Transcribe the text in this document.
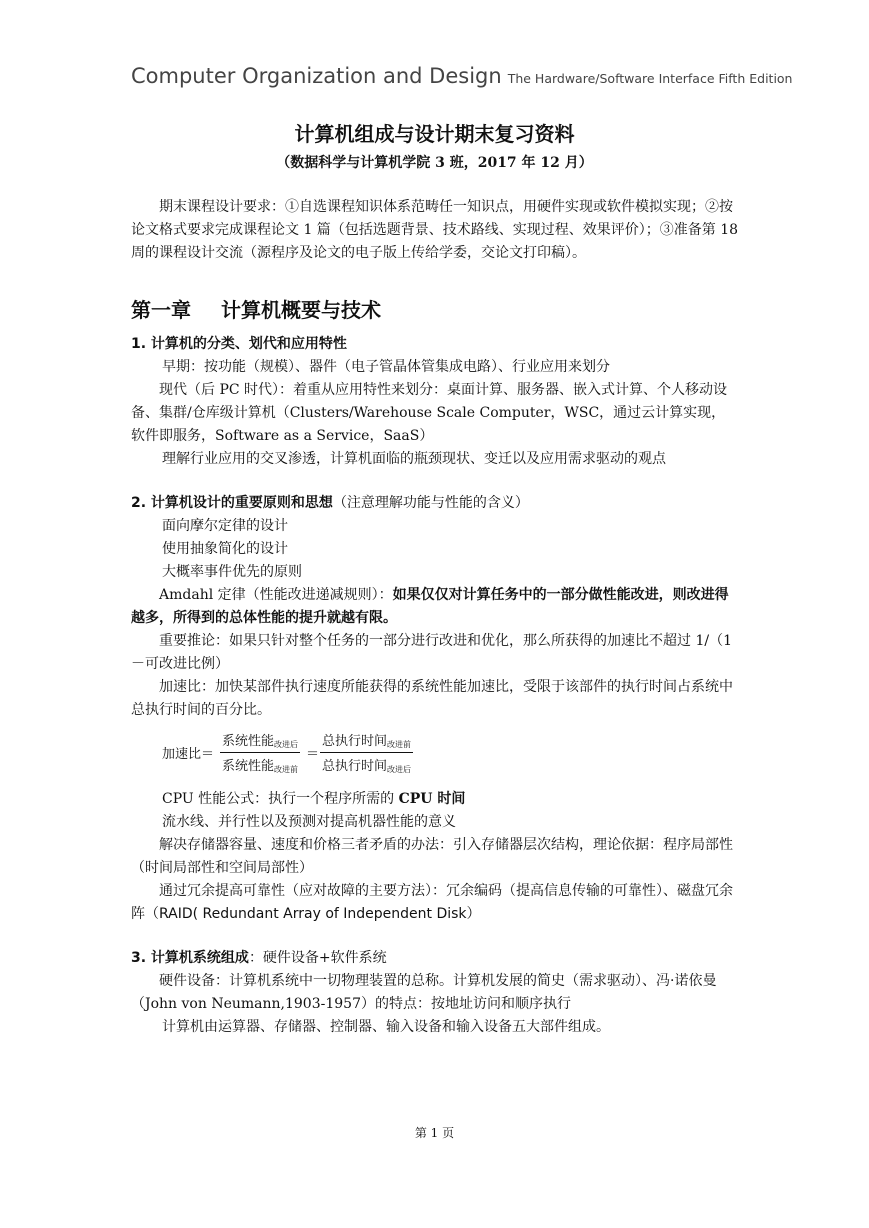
Computer Organization and Design The Hardware/Software Interface Fifth Edition
计算机组成与设计期末复习资料
（数据科学与计算机学院 3 班，2017 年 12 月）
期末课程设计要求：①自选课程知识体系范畴任一知识点，用硬件实现或软件模拟实现；②按论文格式要求完成课程论文 1 篇（包括选题背景、技术路线、实现过程、效果评价）；③准备第 18 周的课程设计交流（源程序及论文的电子版上传给学委，交论文打印稿）。
第一章 计算机概要与技术
1. 计算机的分类、划代和应用特性
早期：按功能（规模）、器件（电子管晶体管集成电路）、行业应用来划分
现代（后 PC 时代）：着重从应用特性来划分：桌面计算、服务器、嵌入式计算、个人移动设备、集群/仓库级计算机（Clusters/Warehouse Scale Computer，WSC，通过云计算实现，软件即服务，Software as a Service，SaaS）
理解行业应用的交叉渗透，计算机面临的瓶颈现状、变迁以及应用需求驱动的观点
2. 计算机设计的重要原则和思想（注意理解功能与性能的含义）
面向摩尔定律的设计
使用抽象简化的设计
大概率事件优先的原则
Amdahl 定律（性能改进递减规则）：如果仅仅对计算任务中的一部分做性能改进，则改进得越多，所得到的总体性能的提升就越有限。
重要推论：如果只针对整个任务的一部分进行改进和优化，那么所获得的加速比不超过 1/（1－可改进比例）
加速比：加快某部件执行速度所能获得的系统性能加速比，受限于该部件的执行时间占系统中总执行时间的百分比。
加速比＝
系统性能$_{改进后}$
系统性能$_{改进前}$
＝
总执行时间$_{改进前}$
总执行时间$_{改进后}$
CPU 性能公式：执行一个程序所需的 CPU 时间
流水线、并行性以及预测对提高机器性能的意义
解决存储器容量、速度和价格三者矛盾的办法：引入存储器层次结构，理论依据：程序局部性（时间局部性和空间局部性）
通过冗余提高可靠性（应对故障的主要方法）：冗余编码（提高信息传输的可靠性）、磁盘冗余阵（RAID( Redundant Array of Independent Disk）
3. 计算机系统组成：硬件设备+软件系统
硬件设备：计算机系统中一切物理装置的总称。计算机发展的简史（需求驱动）、冯·诺依曼（John von Neumann,1903-1957）的特点：按地址访问和顺序执行
计算机由运算器、存储器、控制器、输入设备和输入设备五大部件组成。
第 1 页
